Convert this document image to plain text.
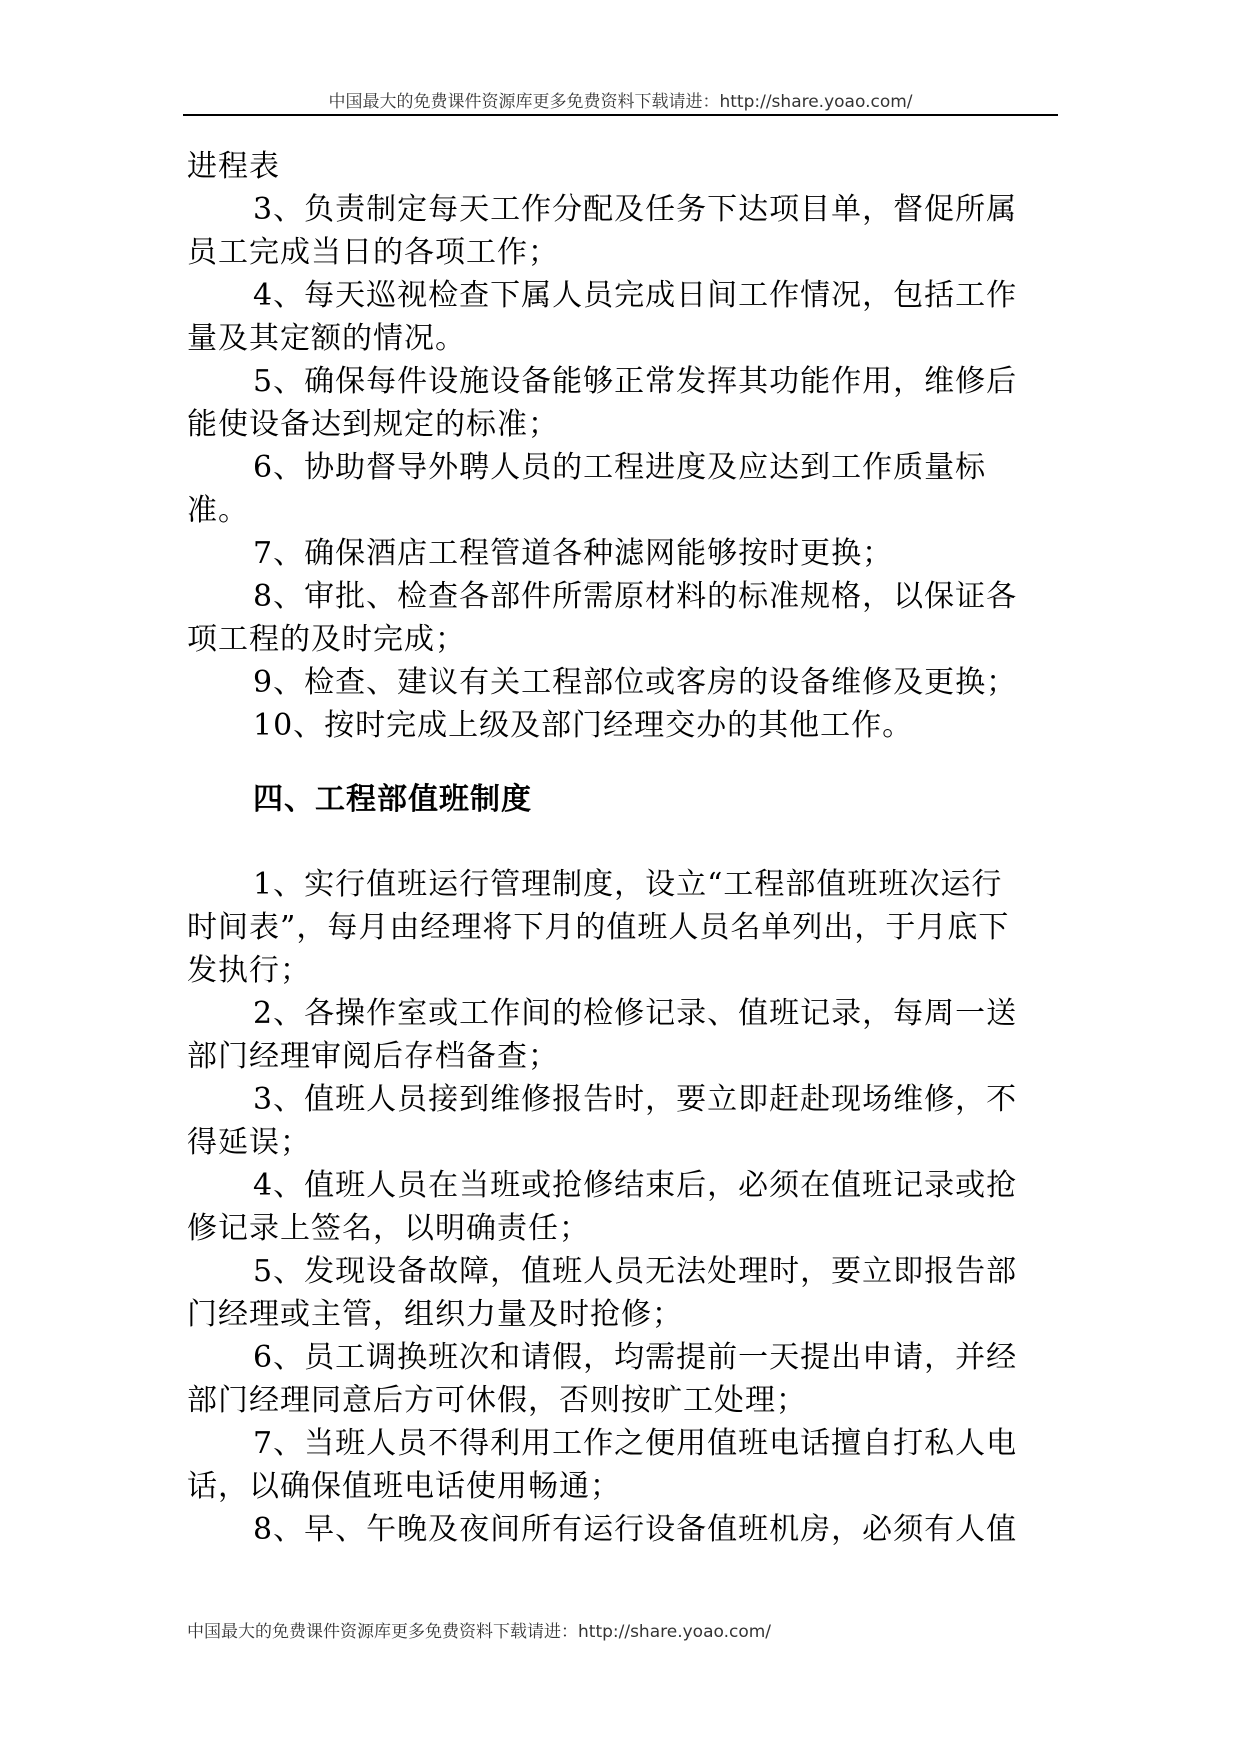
中国最大的免费课件资源库更多免费资料下载请进：http://share.yoao.com/

进程表

3、负责制定每天工作分配及任务下达项目单，督促所属

员工完成当日的各项工作；

4、每天巡视检查下属人员完成日间工作情况，包括工作

量及其定额的情况。

5、确保每件设施设备能够正常发挥其功能作用，维修后

能使设备达到规定的标准；

6、协助督导外聘人员的工程进度及应达到工作质量标

准。

7、确保酒店工程管道各种滤网能够按时更换；

8、审批、检查各部件所需原材料的标准规格，以保证各

项工程的及时完成；

9、检查、建议有关工程部位或客房的设备维修及更换；

10、按时完成上级及部门经理交办的其他工作。

四、工程部值班制度

1、实行值班运行管理制度，设立“工程部值班班次运行

时间表”，每月由经理将下月的值班人员名单列出，于月底下

发执行；

2、各操作室或工作间的检修记录、值班记录，每周一送

部门经理审阅后存档备查；

3、值班人员接到维修报告时，要立即赶赴现场维修，不

得延误；

4、值班人员在当班或抢修结束后，必须在值班记录或抢

修记录上签名，以明确责任；

5、发现设备故障，值班人员无法处理时，要立即报告部

门经理或主管，组织力量及时抢修；

6、员工调换班次和请假，均需提前一天提出申请，并经

部门经理同意后方可休假，否则按旷工处理；

7、当班人员不得利用工作之便用值班电话擅自打私人电

话，以确保值班电话使用畅通；

8、早、午晚及夜间所有运行设备值班机房，必须有人值

中国最大的免费课件资源库更多免费资料下载请进：http://share.yoao.com/
